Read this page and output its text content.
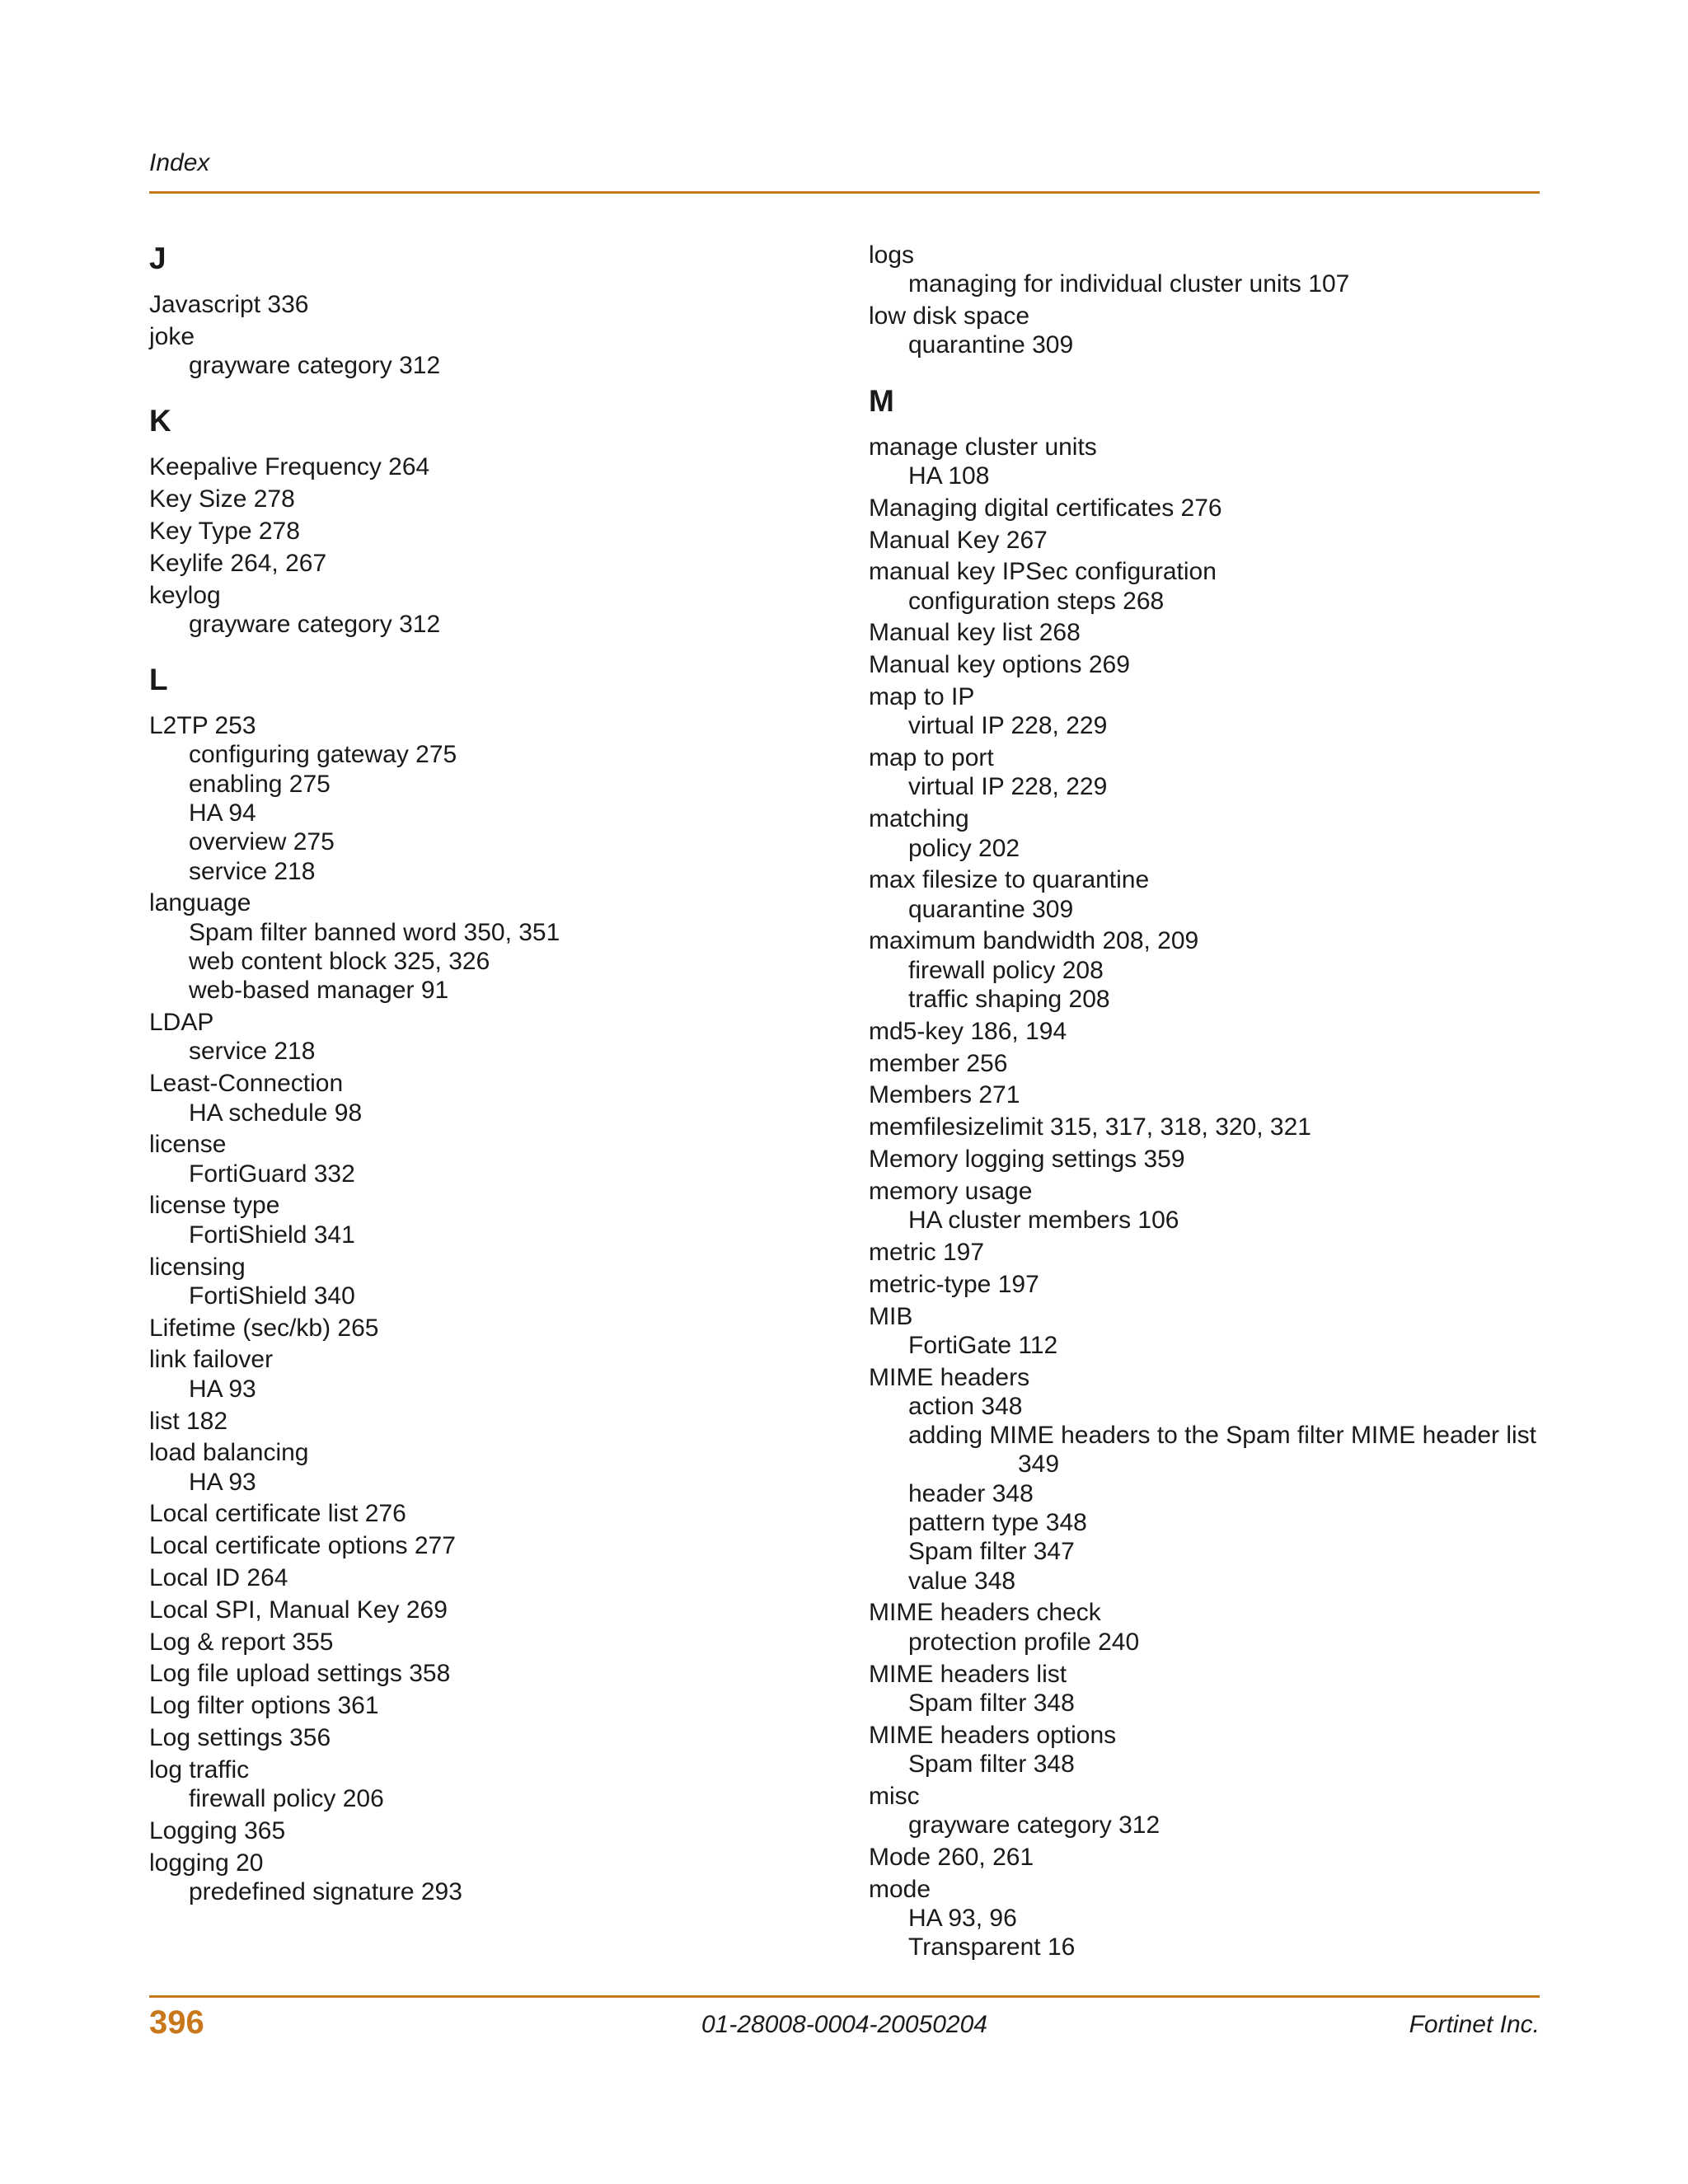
Index
J
Javascript 336
joke
grayware category 312
K
Keepalive Frequency 264
Key Size 278
Key Type 278
Keylife 264, 267
keylog
grayware category 312
L
L2TP 253
configuring gateway 275
enabling 275
HA 94
overview 275
service 218
language
Spam filter banned word 350, 351
web content block 325, 326
web-based manager 91
LDAP
service 218
Least-Connection
HA schedule 98
license
FortiGuard 332
license type
FortiShield 341
licensing
FortiShield 340
Lifetime (sec/kb) 265
link failover
HA 93
list 182
load balancing
HA 93
Local certificate list 276
Local certificate options 277
Local ID 264
Local SPI, Manual Key 269
Log & report 355
Log file upload settings 358
Log filter options 361
Log settings 356
log traffic
firewall policy 206
Logging 365
logging 20
predefined signature 293
logs
managing for individual cluster units 107
low disk space
quarantine 309
M
manage cluster units
HA 108
Managing digital certificates 276
Manual Key 267
manual key IPSec configuration
configuration steps 268
Manual key list 268
Manual key options 269
map to IP
virtual IP 228, 229
map to port
virtual IP 228, 229
matching
policy 202
max filesize to quarantine
quarantine 309
maximum bandwidth 208, 209
firewall policy 208
traffic shaping 208
md5-key 186, 194
member 256
Members 271
memfilesizelimit 315, 317, 318, 320, 321
Memory logging settings 359
memory usage
HA cluster members 106
metric 197
metric-type 197
MIB
FortiGate 112
MIME headers
action 348
adding MIME headers to the Spam filter MIME header list
349
header 348
pattern type 348
Spam filter 347
value 348
MIME headers check
protection profile 240
MIME headers list
Spam filter 348
MIME headers options
Spam filter 348
misc
grayware category 312
Mode 260, 261
mode
HA 93, 96
Transparent 16
396	01-28008-0004-20050204	Fortinet Inc.
